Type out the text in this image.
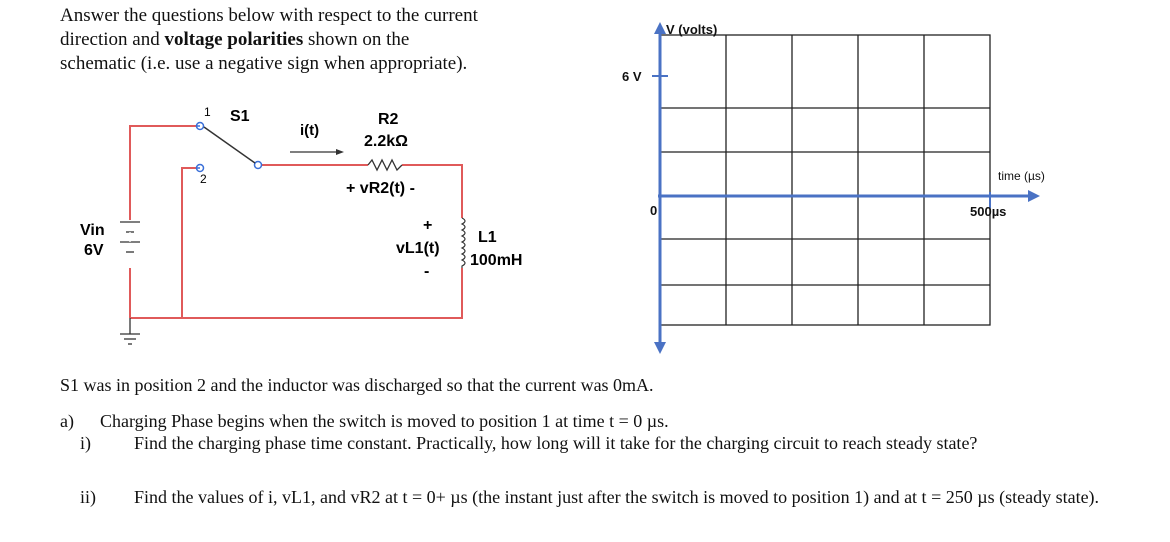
Answer the questions below with respect to the current
direction and voltage polarities shown on the
schematic (i.e. use a negative sign when appropriate).
1
2
S1
i(t)
R2
2.2kΩ
+ vR2(t) -
Vin
6V
+
vL1(t)
-
L1
100mH
V (volts)
6 V
0
time (µs)
500µs
S1 was in position 2 and the inductor was discharged so that the current was 0mA.
a) Charging Phase begins when the switch is moved to position 1 at time t = 0 µs.
i) Find the charging phase time constant. Practically, how long will it take for the charging circuit to reach steady state?
ii) Find the values of i, vL1, and vR2 at t = 0+ µs (the instant just after the switch is moved to position 1) and at t = 250 µs (steady state).
